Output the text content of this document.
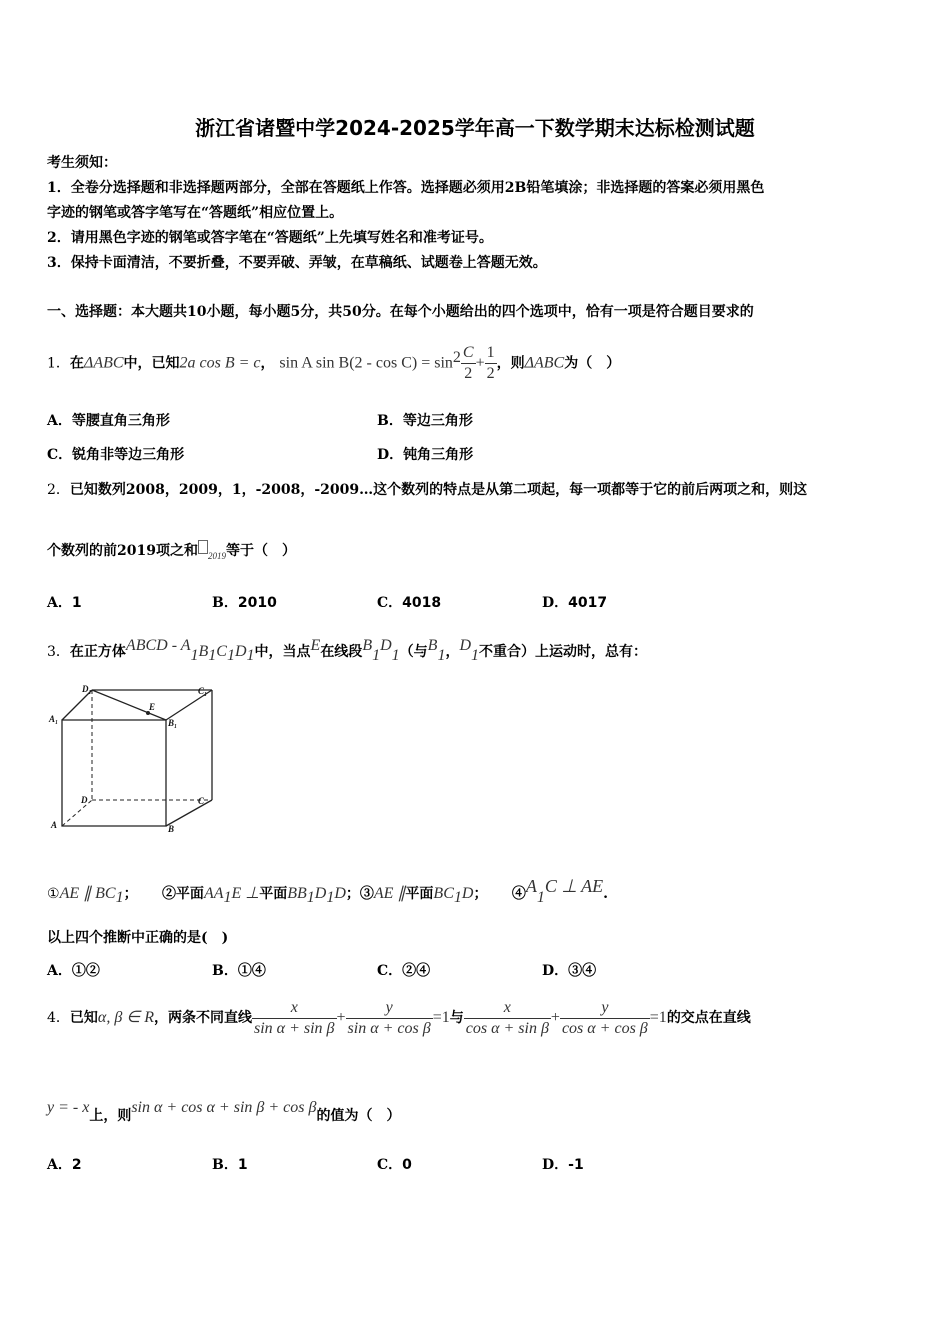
浙江省诸暨中学2024-2025学年高一下数学期末达标检测试题
考生须知：
1．全卷分选择题和非选择题两部分，全部在答题纸上作答。选择题必须用2B铅笔填涂；非选择题的答案必须用黑色
字迹的钢笔或答字笔写在“答题纸”相应位置上。
2．请用黑色字迹的钢笔或答字笔在“答题纸”上先填写姓名和准考证号。
3．保持卡面清洁，不要折叠，不要弄破、弄皱，在草稿纸、试题卷上答题无效。
一、选择题：本大题共10小题，每小题5分，共50分。在每个小题给出的四个选项中，恰有一项是符合题目要求的
1．在ΔABC中，已知2a cos B = c， sin A $\sin B(2 - \cos C) = \sin^2 \frac{C}{2} + \frac{1}{2}$ ，则ΔABC为（　）
A．等腰直角三角形	B．等边三角形
C．锐角非等边三角形	D．钝角三角形
2．已知数列2008，2009，1，-2008，-2009…这个数列的特点是从第二项起，每一项都等于它的前后两项之和，则这
个数列的前2019项之和 $_{2019}$等于（　）
A．1	B．2010	C．4018	D．4017
3．在正方体ABCD - $A_1B_1C_1D_1$中，当点E在线段$B_1D_1$（与$B_1$，$D_1$不重合）上运动时，总有：
D₁	C₁
A₁	B₁
E
D	C
A	B
①AE ∥ $BC_1$； ②平面$AA_1E$ ⊥平面$BB_1D_1D$；③AE ∥平面$BC_1D$； $④A_1C$ ⊥ AE.
以上四个推断中正确的是(　)
A．①②	B．①④	C．②④	D．③④
4．已知α, β ∈ R，两条不同直线 $\frac{x}{\text{sin α + sin β}} + \frac{y}{\text{sin α + cos β}} =1$与 $\frac{x}{\text{cos α + sin β}} + \frac{y}{\text{cos α + cos β}} =1$的交点在直线
y = - x上，则sin α + cos α + sin β + cos β的值为（　）
A．2	B．1	C．0	D．-1
